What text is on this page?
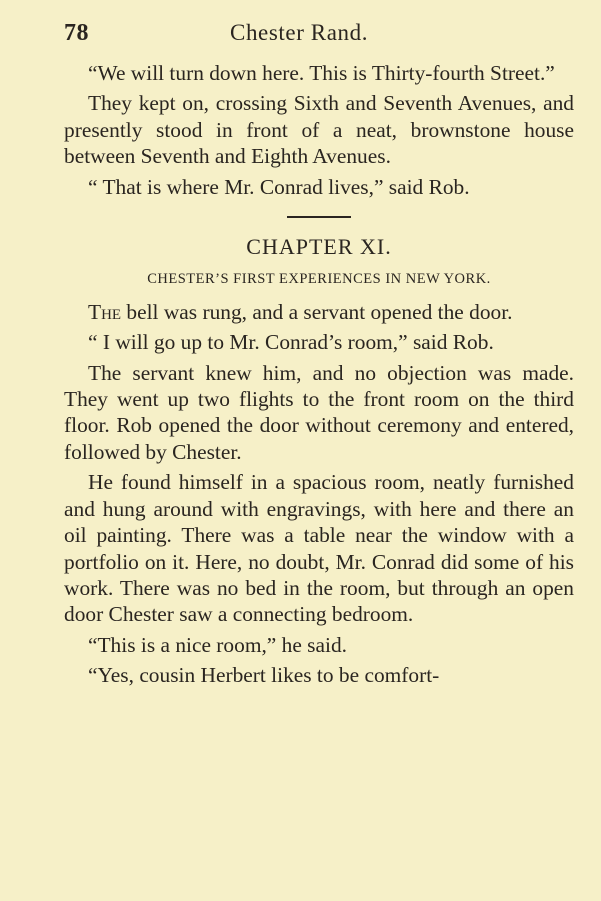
78	Chester Rand.

“We will turn down here. This is Thirty-fourth Street.”

They kept on, crossing Sixth and Seventh Avenues, and presently stood in front of a neat, brownstone house between Seventh and Eighth Avenues.

“ That is where Mr. Conrad lives,” said Rob.

CHAPTER XI.

CHESTER’S FIRST EXPERIENCES IN NEW YORK.

The bell was rung, and a servant opened the door.

“ I will go up to Mr. Conrad’s room,” said Rob.

The servant knew him, and no objection was made. They went up two flights to the front room on the third floor. Rob opened the door without ceremony and entered, followed by Chester.

He found himself in a spacious room, neatly furnished and hung around with engravings, with here and there an oil painting. There was a table near the window with a portfolio on it. Here, no doubt, Mr. Conrad did some of his work. There was no bed in the room, but through an open door Chester saw a connecting bedroom.

“This is a nice room,” he said.

“Yes, cousin Herbert likes to be comfort-
